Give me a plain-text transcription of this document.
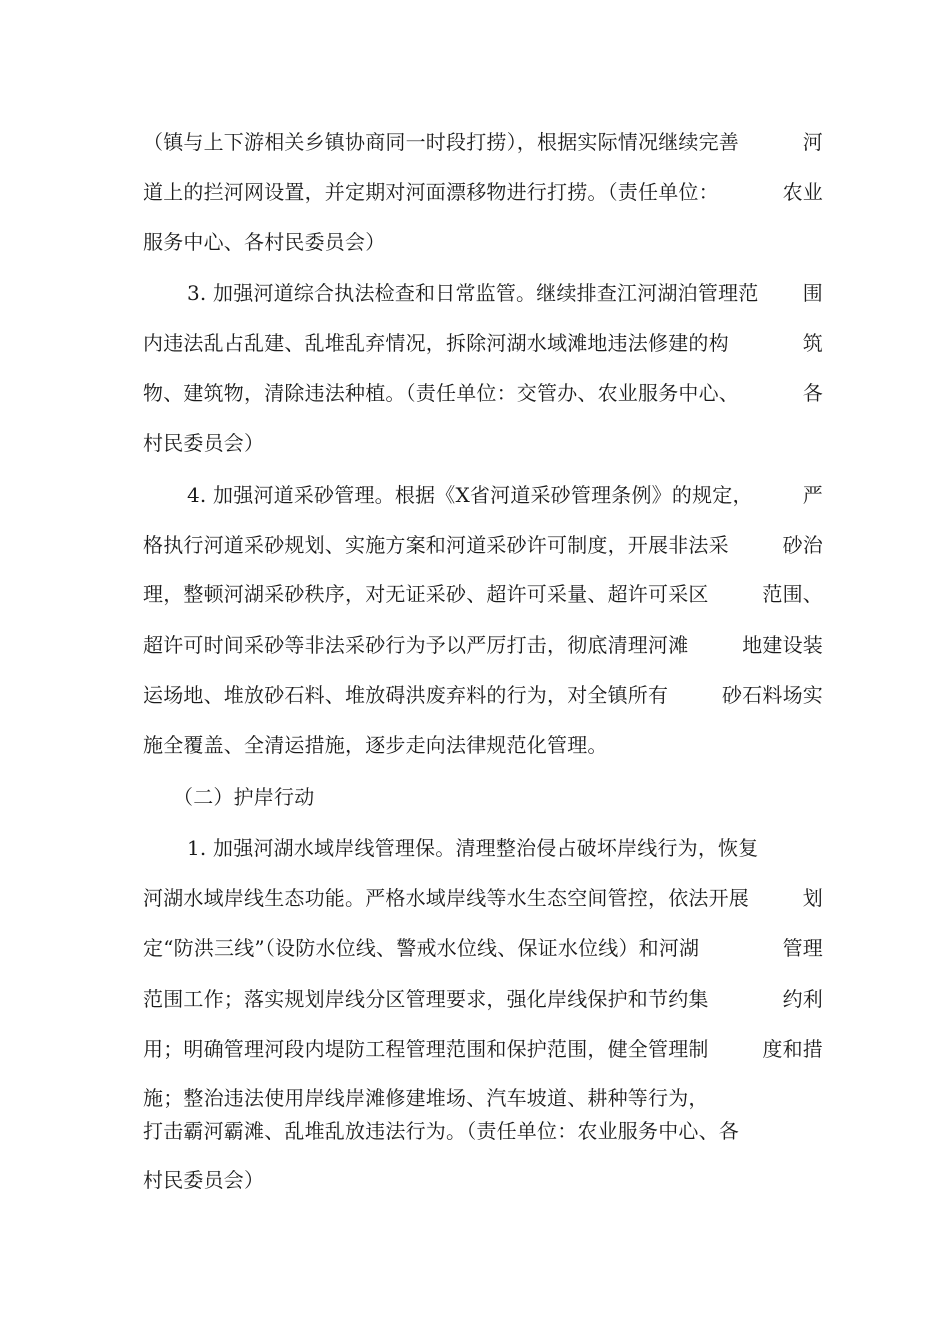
（镇与上下游相关乡镇协商同一时段打捞），根据实际情况继续完善	河
道上的拦河网设置，并定期对河面漂移物进行打捞。（责任单位：	农业
服务中心、各村民委员会）
3. 加强河道综合执法检查和日常监管。继续排查江河湖泊管理范 围
内违法乱占乱建、乱堆乱弃情况，拆除河湖水域滩地违法修建的构	筑
物、建筑物，清除违法种植。（责任单位：交管办、农业服务中心、	各
村民委员会）
4. 加强河道采砂管理。根据《X省河道采砂管理条例》的规定，	严
格执行河道采砂规划、实施方案和河道采砂许可制度，开展非法采	砂治
理，整顿河湖采砂秩序，对无证采砂、超许可采量、超许可采区	范围、
超许可时间采砂等非法采砂行为予以严厉打击，彻底清理河滩	地建设装
运场地、堆放砂石料、堆放碍洪废弃料的行为，对全镇所有	砂石料场实
施全覆盖、全清运措施，逐步走向法律规范化管理。
（二）护岸行动
1. 加强河湖水域岸线管理保。清理整治侵占破坏岸线行为，恢复
河湖水域岸线生态功能。严格水域岸线等水生态空间管控，依法开展	划
定“防洪三线”（设防水位线、警戒水位线、保证水位线）和河湖	管理
范围工作；落实规划岸线分区管理要求，强化岸线保护和节约集	约利
用；明确管理河段内堤防工程管理范围和保护范围，健全管理制	度和措
施；整治违法使用岸线岸滩修建堆场、汽车坡道、耕种等行为，
打击霸河霸滩、乱堆乱放违法行为。（责任单位：农业服务中心、各
村民委员会）
